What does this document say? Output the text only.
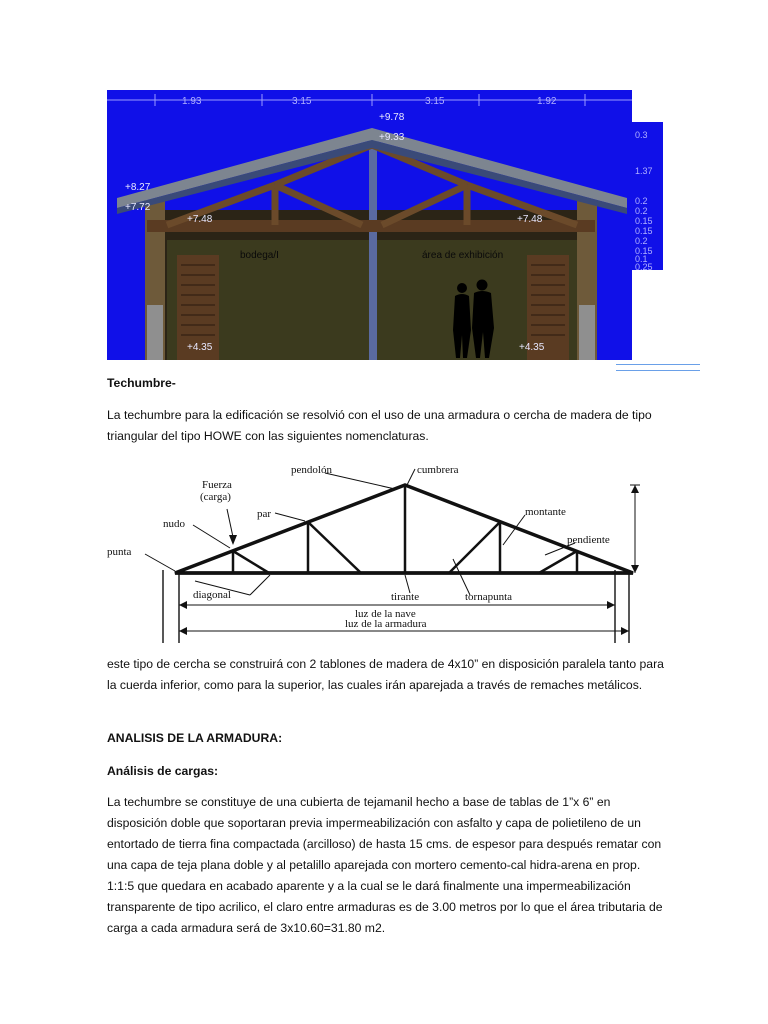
1.93	3.15	3.15	1.92
+9.78
+9.33
+8.27
+7.72
+7.48	+7.48
+4.35	+4.35
bodega/I	área de exhibición
0.3
1.37
0.2
0.2
0.15
0.15
0.2
0.15
0.1
0.25
Techumbre-
La techumbre para la edificación se resolvió con el uso de una armadura o cercha de madera de tipo triangular del tipo HOWE con las siguientes nomenclaturas.
Fuerza
(carga)
nudo
punta
par
pendolón	cumbrera
montante
pendiente
diagonal	tirante	tornapunta
luz de la nave
luz de la armadura
este tipo de cercha se construirá con 2 tablones de madera de 4x10” en disposición paralela tanto para la cuerda inferior, como para la superior, las cuales irán aparejada a través de remaches metálicos.
ANALISIS DE LA ARMADURA:
Análisis de cargas:
La techumbre se constituye de una cubierta de tejamanil hecho a base de tablas de 1”x 6” en disposición doble que soportaran previa impermeabilización con asfalto y capa de polietileno de un entortado de tierra fina compactada (arcilloso) de hasta 15 cms. de espesor para después rematar con una capa de teja plana doble y al petalillo aparejada con mortero cemento-cal hidra-arena en prop. 1:1:5 que quedara en acabado aparente y a la cual se le dará finalmente una impermeabilización transparente de tipo acrilico, el claro entre armaduras es de 3.00 metros por lo que el área tributaria de carga a cada armadura será de 3x10.60=31.80 m2.
